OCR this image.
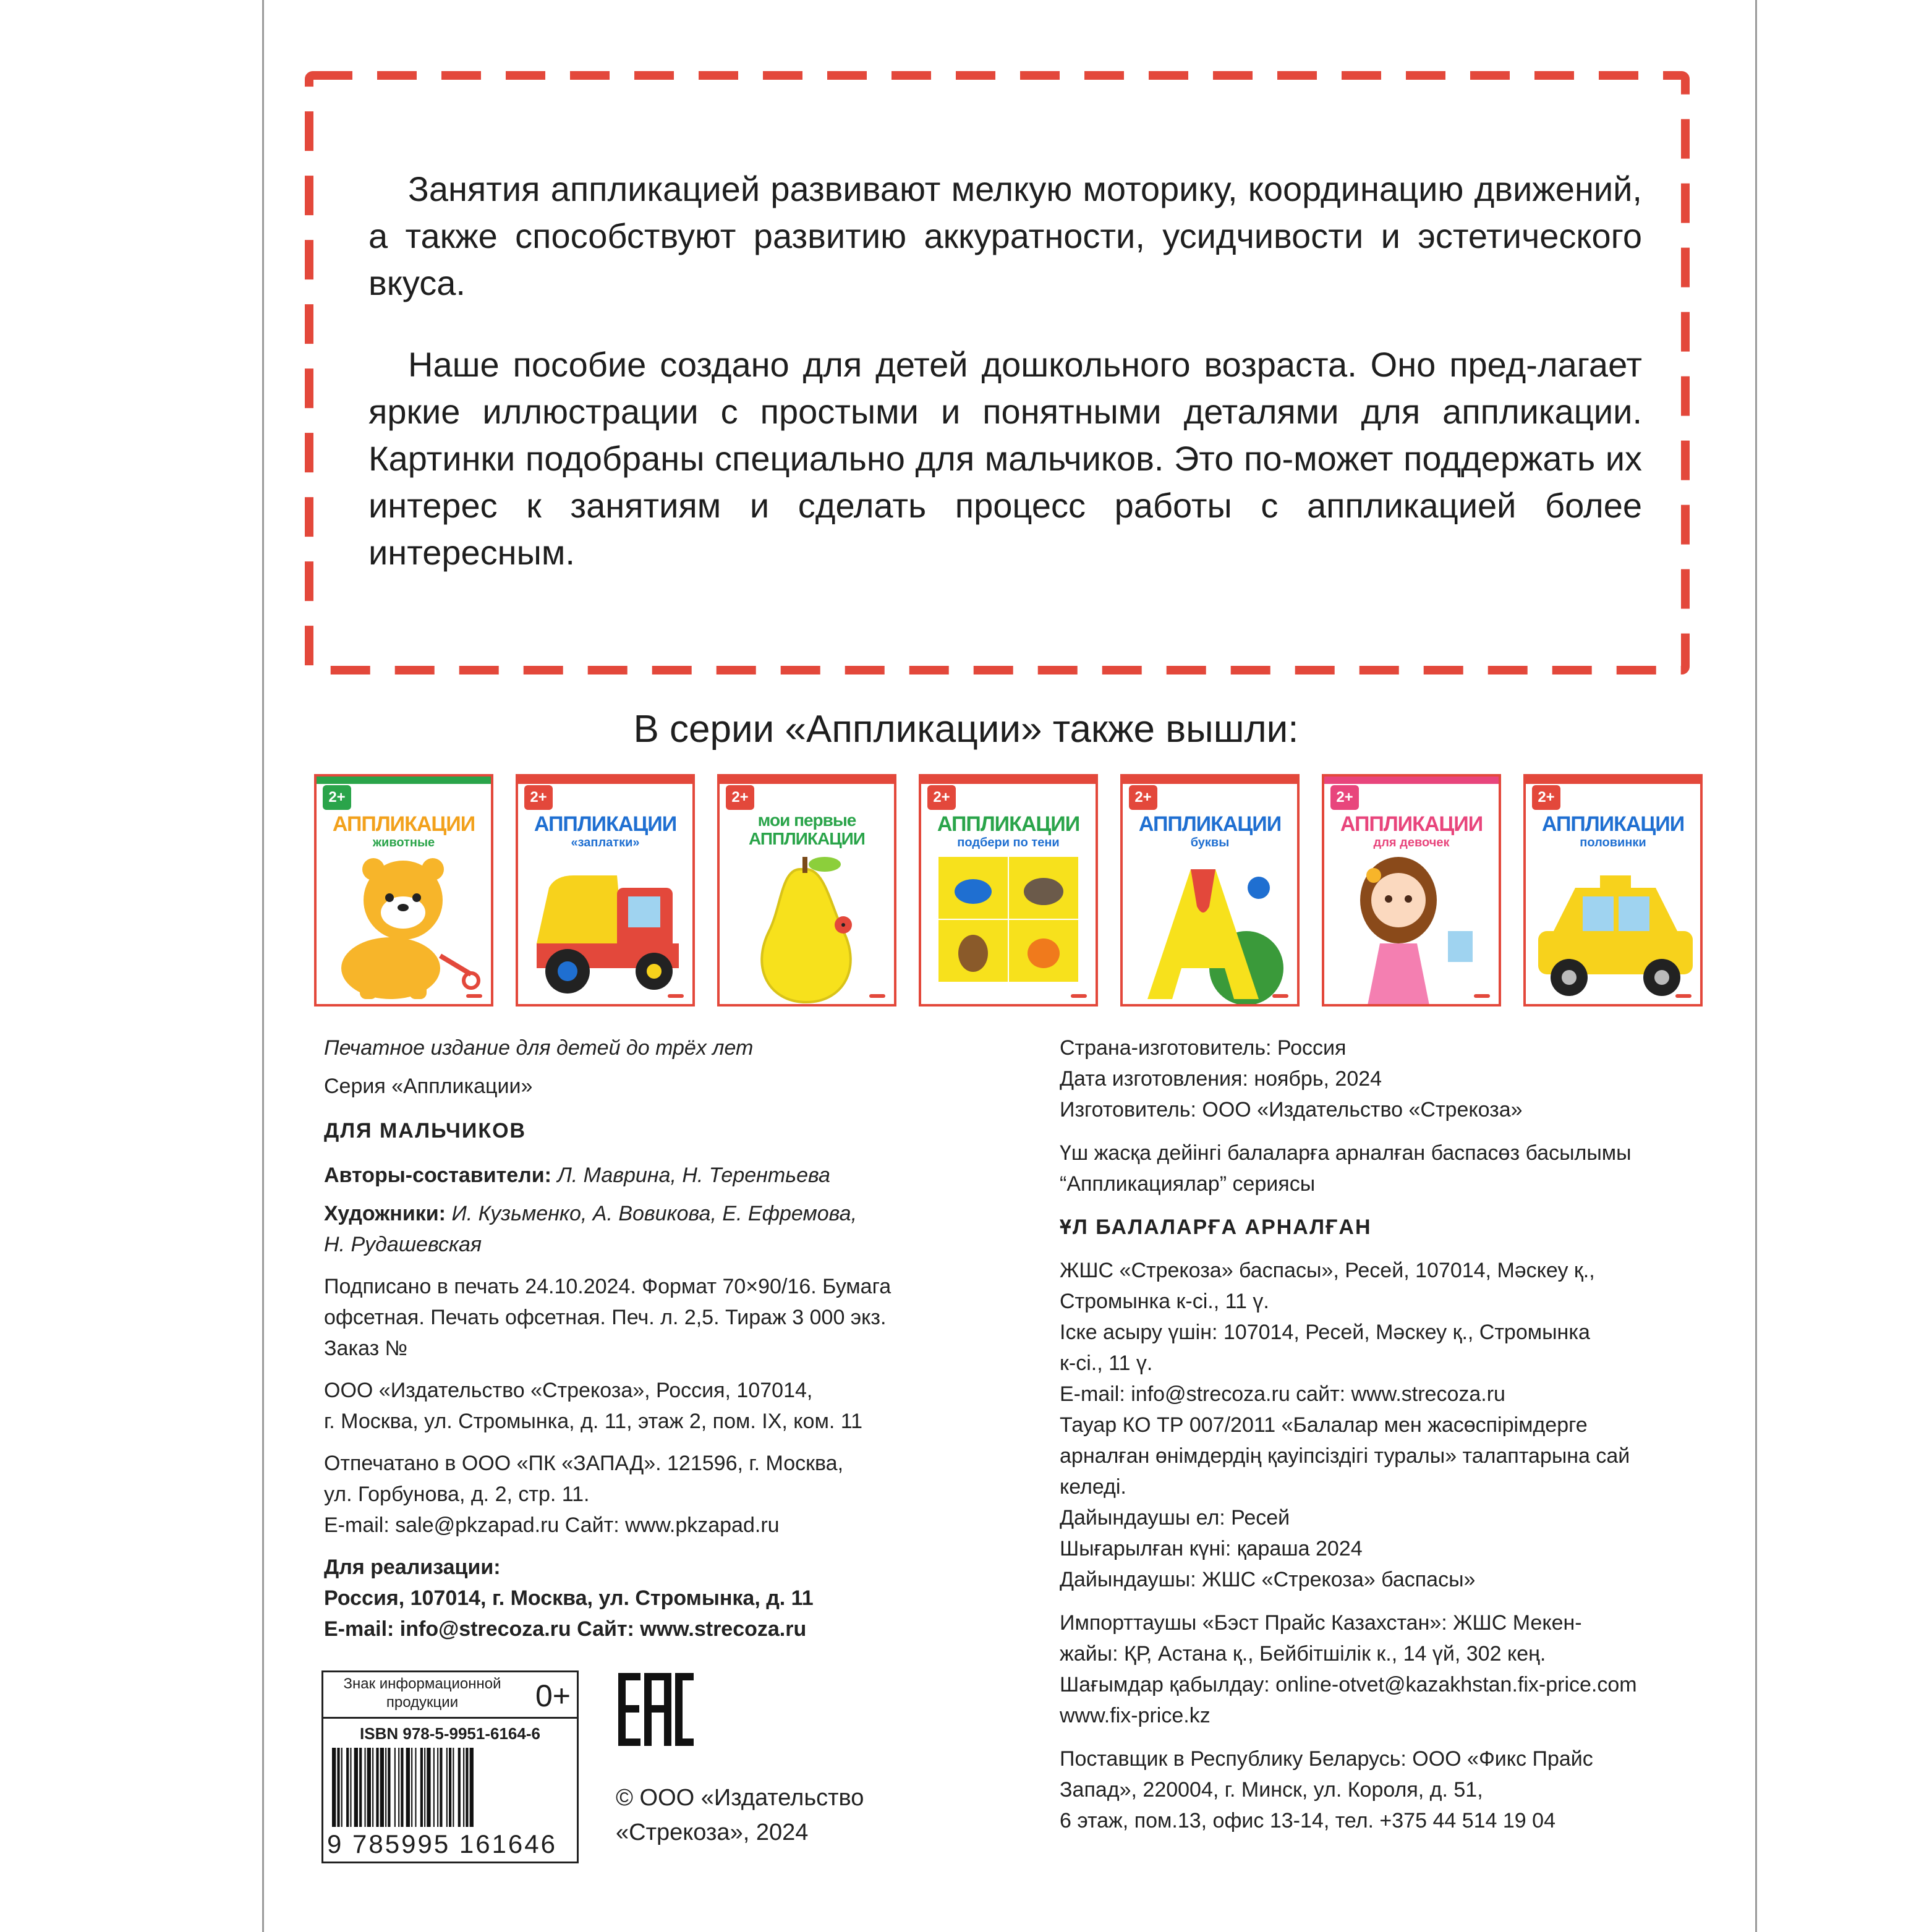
Занятия аппликацией развивают мелкую моторику, координацию движений, а также способствуют развитию аккуратности, усидчивости и эстетического вкуса.

Наше пособие создано для детей дошкольного возраста. Оно пред-лагает яркие иллюстрации с простыми и понятными деталями для аппликации. Картинки подобраны специально для мальчиков. Это по-может поддержать их интерес к занятиям и сделать процесс работы с аппликацией более интересным.

В серии «Аппликации» также вышли:
2+
АППЛИКАЦИИ
животные
2+
АППЛИКАЦИИ
«заплатки»
2+
мои первые АППЛИКАЦИИ
2+
АППЛИКАЦИИ
подбери по тени
2+
АППЛИКАЦИИ
буквы
2+
АППЛИКАЦИИ
для девочек
2+
АППЛИКАЦИИ
половинки

Печатное издание для детей до трёх лет

Серия «Аппликации»

ДЛЯ МАЛЬЧИКОВ

Авторы-составители: Л. Маврина, Н. Терентьева

Художники: И. Кузьменко, А. Вовикова, Е. Ефремова,
Н. Рудашевская

Подписано в печать 24.10.2024. Формат 70×90/16. Бумага
офсетная. Печать офсетная. Печ. л. 2,5. Тираж 3 000 экз.
Заказ №

ООО «Издательство «Стрекоза», Россия, 107014,
г. Москва, ул. Стромынка, д. 11, этаж 2, пом. IX, ком. 11

Отпечатано в ООО «ПК «ЗАПАД». 121596, г. Москва,
ул. Горбунова, д. 2, стр. 11.
E-mail: sale@pkzapad.ru Сайт: www.pkzapad.ru

Для реализации:
Россия, 107014, г. Москва, ул. Стромынка, д. 11
E-mail: info@strecoza.ru Сайт: www.strecoza.ru

Знак информационной продукции	0+
ISBN 978-5-9951-6164-6
9 785995 161646
© ООО «Издательство
«Стрекоза», 2024

Страна-изготовитель: Россия
Дата изготовления: ноябрь, 2024
Изготовитель: ООО «Издательство «Стрекоза»

Үш жасқа дейінгі балаларға арналған баспасөз басылымы
“Аппликациялар” сериясы

ҰЛ БАЛАЛАРҒА АРНАЛҒАН

ЖШС «Стрекоза» баспасы», Ресей, 107014, Мәскеу қ.,
Стромынка к-сі., 11 ү.
Іске асыру үшін: 107014, Ресей, Мәскеу қ., Стромынка
к-сі., 11 ү.
E-mail: info@strecoza.ru сайт: www.strecoza.ru
Тауар КО ТР 007/2011 «Балалар мен жасөспірімдерге
арналған өнімдердің қауіпсіздігі туралы» талаптарына сай
келеді.
Дайындаушы ел: Ресей
Шығарылған күні: қараша 2024
Дайындаушы: ЖШС «Стрекоза» баспасы»

Импорттаушы «Бэст Прайс Казахстан»: ЖШС Мекен-
жайы: ҚР, Астана қ., Бейбітшілік к., 14 үй, 302 кең.
Шағымдар қабылдау: online-otvet@kazakhstan.fix-price.com
www.fix-price.kz

Поставщик в Республику Беларусь: ООО «Фикс Прайс
Запад», 220004, г. Минск, ул. Короля, д. 51,
6 этаж, пом.13, офис 13-14, тел. +375 44 514 19 04
